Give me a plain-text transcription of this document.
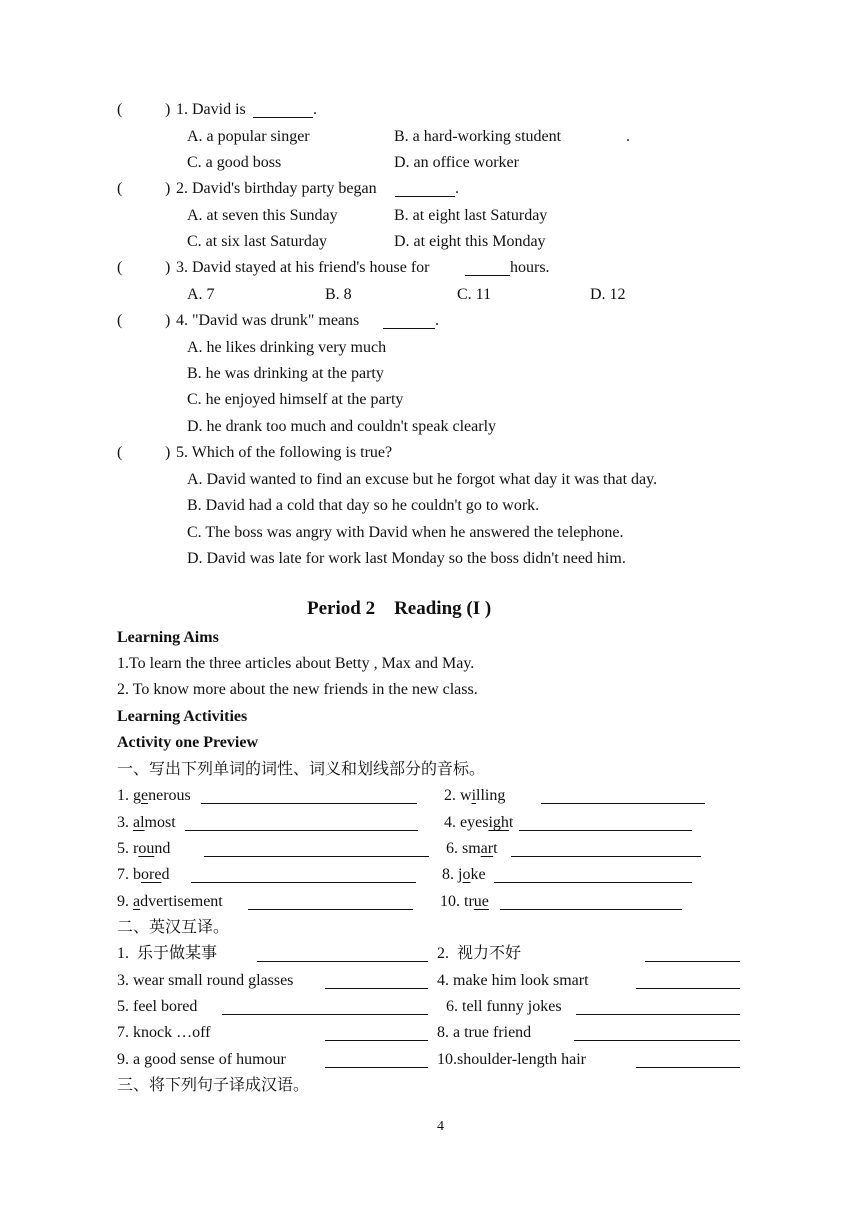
(	) 1. David is	.
A. a popular singer	B. a hard-working student	.
C. a good boss	D. an office worker
(	) 2. David's birthday party began	.
A. at seven this Sunday	B. at eight last Saturday
C. at six last Saturday	D. at eight this Monday
(	) 3. David stayed at his friend's house for	hours.
A. 7	B. 8	C. 11	D. 12
(	) 4. "David was drunk" means	.
A. he likes drinking very much
B. he was drinking at the party
C. he enjoyed himself at the party
D. he drank too much and couldn't speak clearly
(	) 5. Which of the following is true?
A. David wanted to find an excuse but he forgot what day it was that day.
B. David had a cold that day so he couldn't go to work.
C. The boss was angry with David when he answered the telephone.
D. David was late for work last Monday so the boss didn't need him.
Period 2    Reading (I )
Learning Aims
1.To learn the three articles about Betty , Max and May.
2. To know more about the new friends in the new class.
Learning Activities
Activity one Preview
一、写出下列单词的词性、词义和划线部分的音标。
1. generous	2. willing
3. almost	4. eyesight
5. round	6. smart
7. bored	8. joke
9. advertisement	10. true
二、英汉互译。
1.  乐于做某事	2.  视力不好
3. wear small round glasses	4. make him look smart
5. feel bored	6. tell funny jokes
7. knock …off	8. a true friend
9. a good sense of humour	10.shoulder-length hair
三、将下列句子译成汉语。
4
